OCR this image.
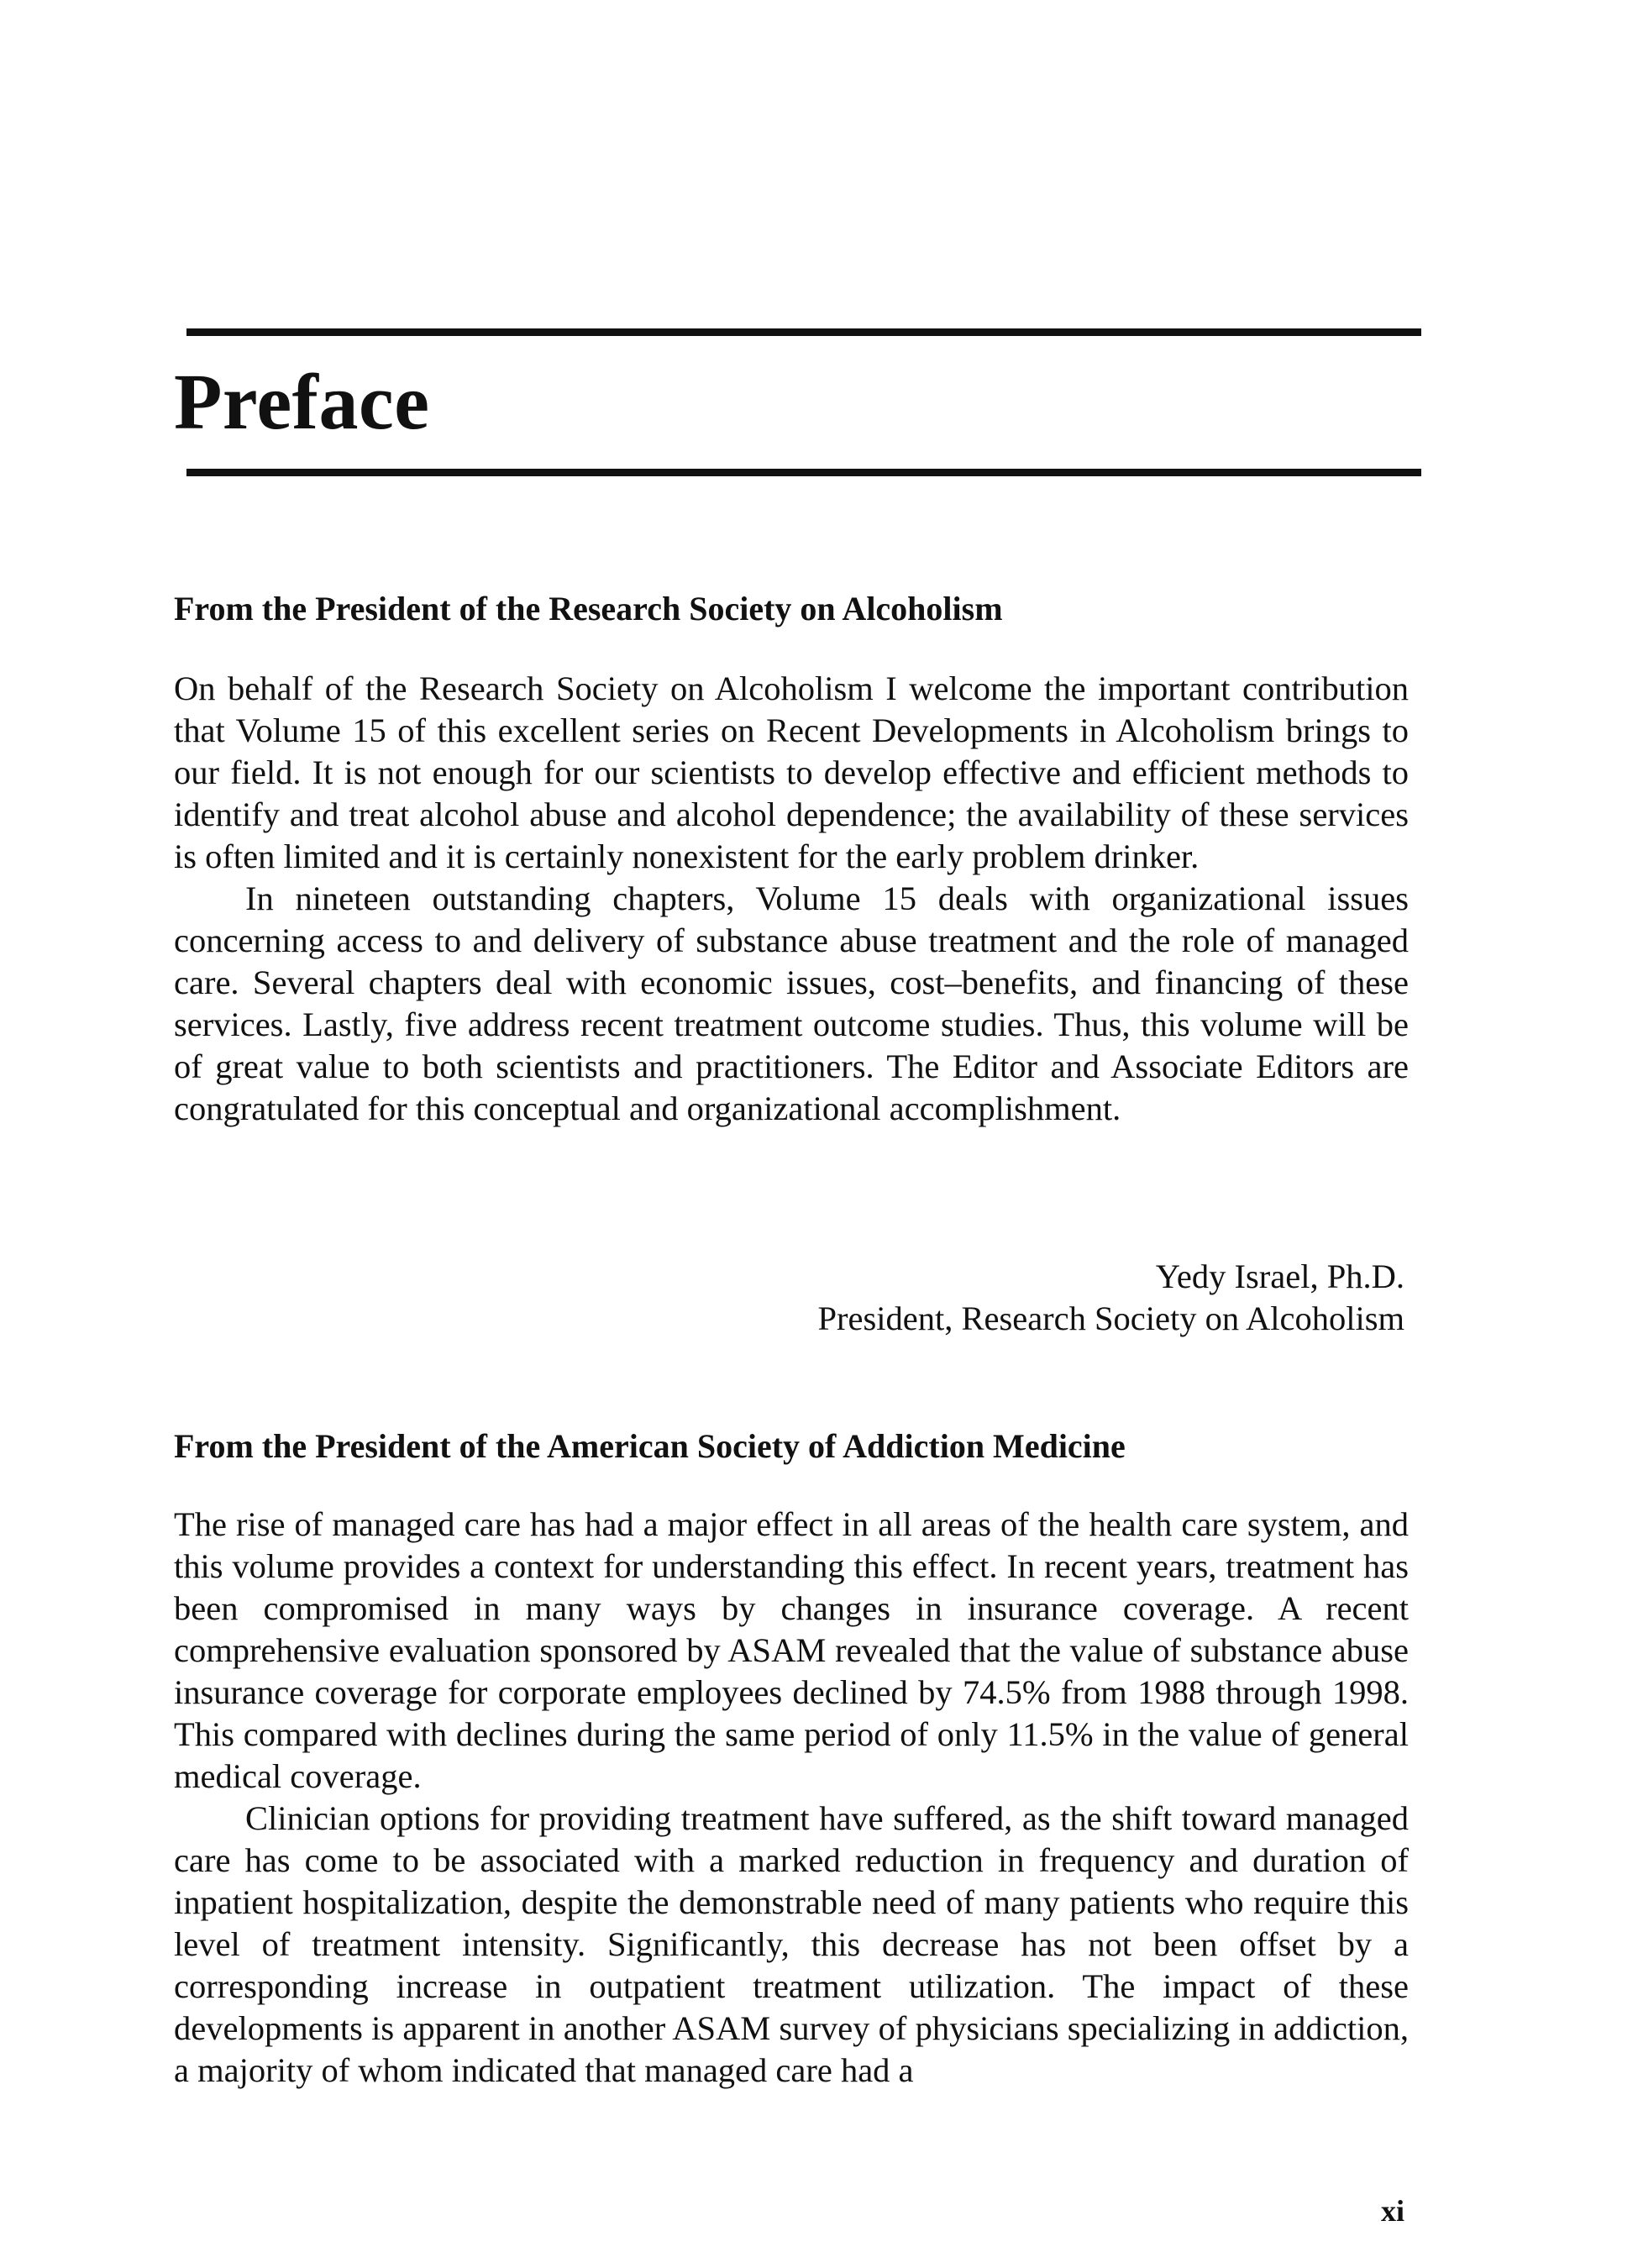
Preface
From the President of the Research Society on Alcoholism

On behalf of the Research Society on Alcoholism I welcome the important contribution that Volume 15 of this excellent series on Recent Developments in Alcoholism brings to our field. It is not enough for our scientists to develop effective and efficient methods to identify and treat alcohol abuse and alcohol dependence; the availability of these services is often limited and it is certainly nonexistent for the early problem drinker.

In nineteen outstanding chapters, Volume 15 deals with organizational issues concerning access to and delivery of substance abuse treatment and the role of managed care. Several chapters deal with economic issues, cost–benefits, and financing of these services. Lastly, five address recent treatment outcome studies. Thus, this volume will be of great value to both scientists and practitioners. The Editor and Associate Editors are congratulated for this conceptual and organizational accomplishment.

Yedy Israel, Ph.D.
President, Research Society on Alcoholism
From the President of the American Society of Addiction Medicine

The rise of managed care has had a major effect in all areas of the health care system, and this volume provides a context for understanding this effect. In recent years, treatment has been compromised in many ways by changes in insurance coverage. A recent comprehensive evaluation sponsored by ASAM revealed that the value of substance abuse insurance coverage for corporate employees declined by 74.5% from 1988 through 1998. This compared with declines during the same period of only 11.5% in the value of general medical coverage.

Clinician options for providing treatment have suffered, as the shift toward managed care has come to be associated with a marked reduction in frequency and duration of inpatient hospitalization, despite the demonstrable need of many patients who require this level of treatment intensity. Significantly, this decrease has not been offset by a corresponding increase in outpatient treatment utilization. The impact of these developments is apparent in another ASAM survey of physicians specializing in addiction, a majority of whom indicated that managed care had a

xi
